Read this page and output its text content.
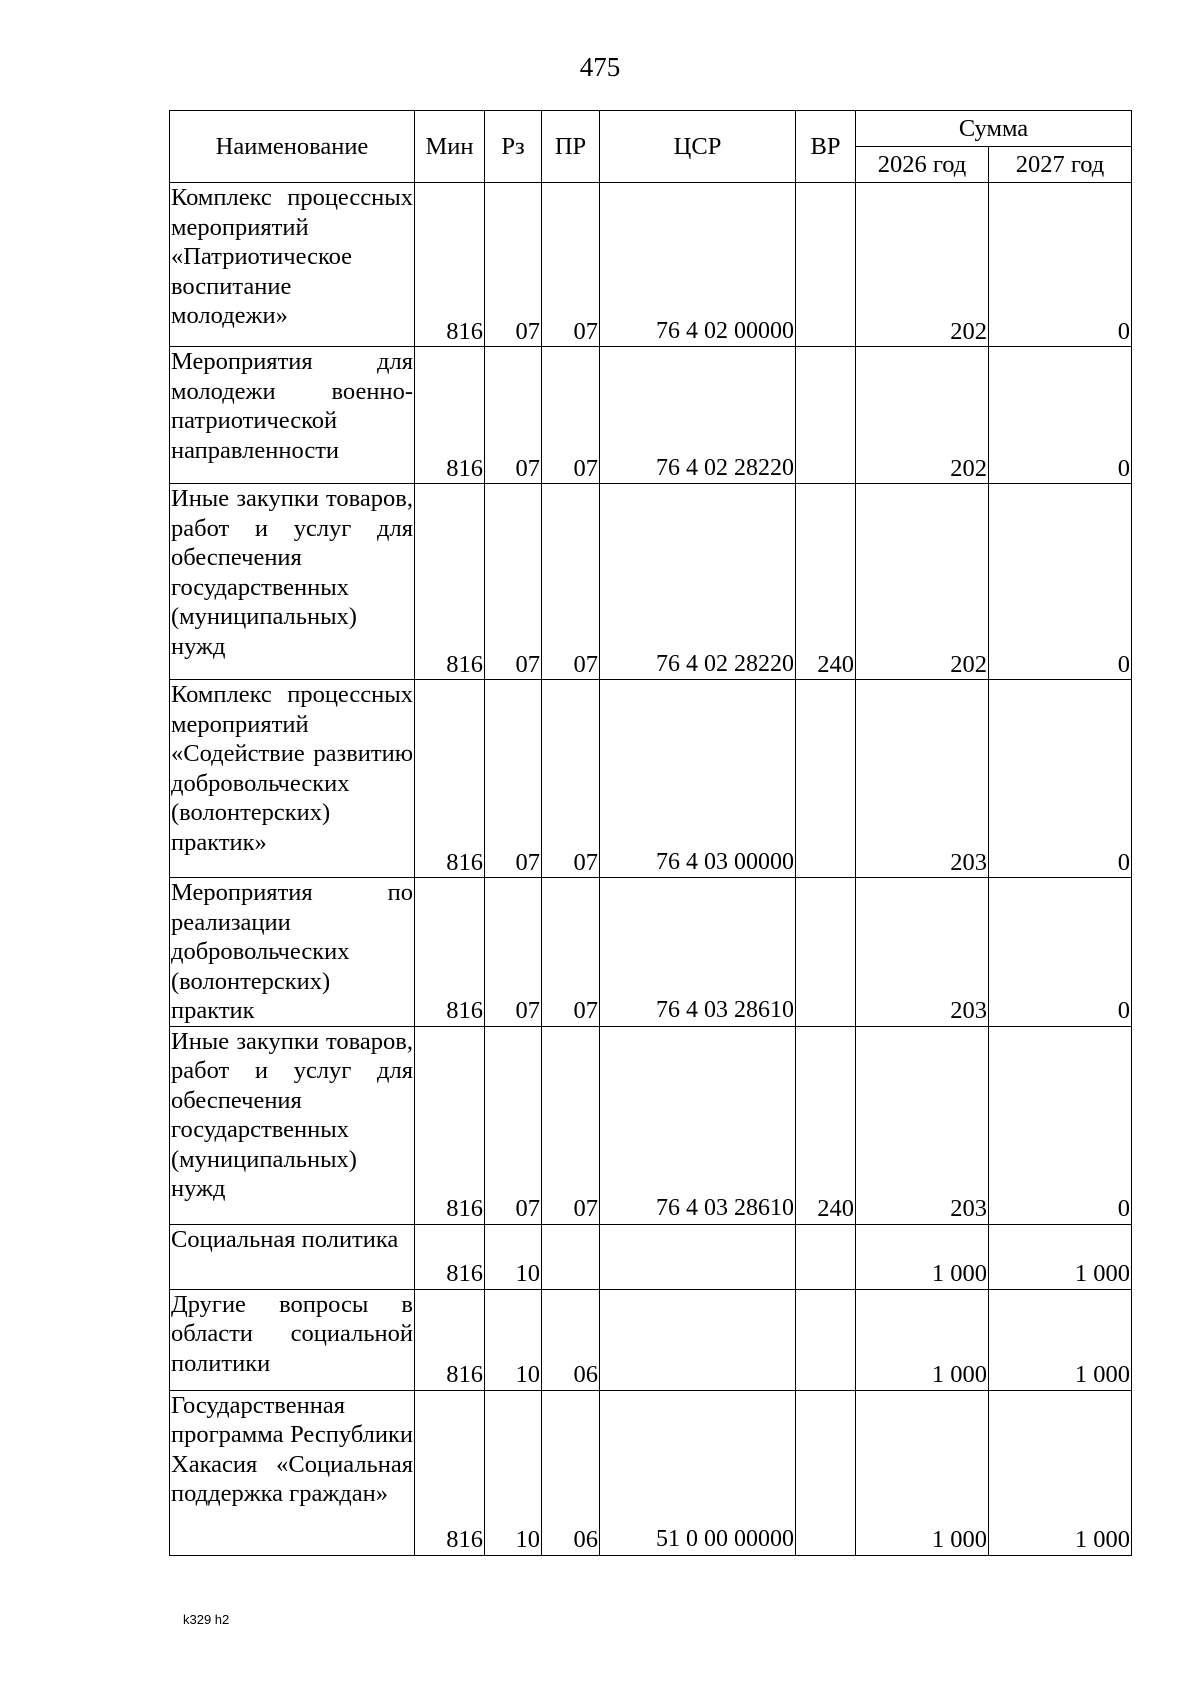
475
Наименование	Мин	Рз	ПР	ЦСР	ВР	Сумма	
						2026 год	2027 год
Комплекс процессных мероприятий «Патриотическое воспитание молодежи»	816	07	07	76 4 02 00000		202	0
Мероприятия для молодежи военно-патриотической направленности	816	07	07	76 4 02 28220		202	0
Иные закупки товаров, работ и услуг для обеспечения государственных (муниципальных) нужд	816	07	07	76 4 02 28220	240	202	0
Комплекс процессных мероприятий «Содействие развитию добровольческих (волонтерских) практик»	816	07	07	76 4 03 00000		203	0
Мероприятия по реализации добровольческих (волонтерских) практик	816	07	07	76 4 03 28610		203	0
Иные закупки товаров, работ и услуг для обеспечения государственных (муниципальных) нужд	816	07	07	76 4 03 28610	240	203	0
Социальная политика	816	10				1 000	1 000
Другие вопросы в области социальной политики	816	10	06			1 000	1 000
Государственная программа Республики Хакасия «Социальная поддержка граждан»	816	10	06	51 0 00 00000		1 000	1 000
k329 h2
